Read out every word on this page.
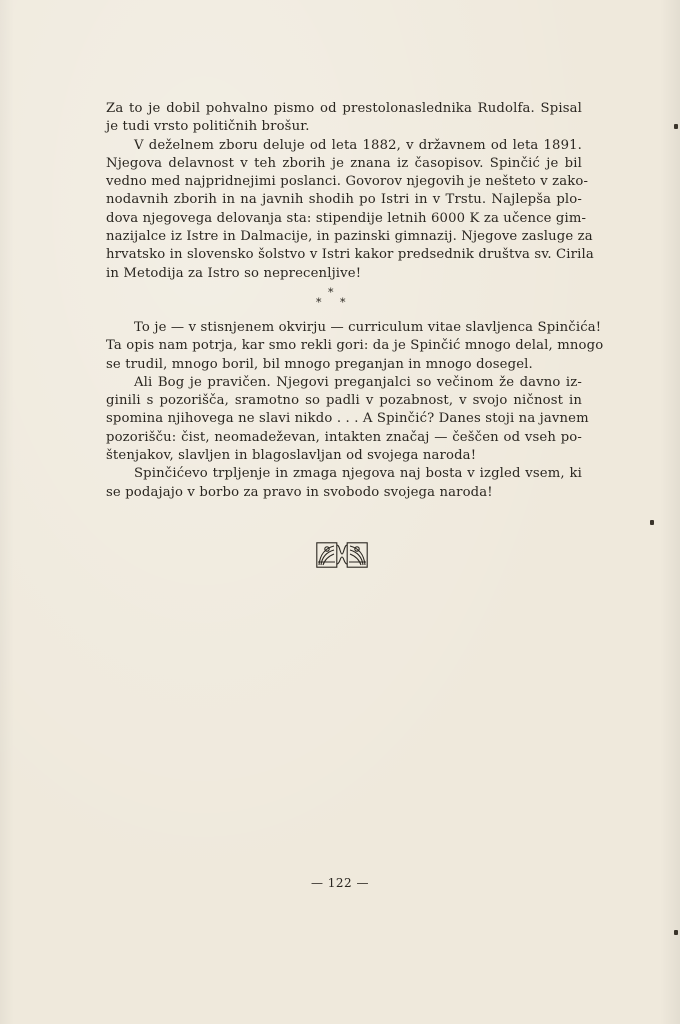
Za to je dobil pohvalno pismo od prestolonaslednika Rudolfa. Spisal
je tudi vrsto političnih brošur.
V deželnem zboru deluje od leta 1882, v državnem od leta 1891.
Njegova delavnost v teh zborih je znana iz časopisov. Spinčić je bil
vedno med najpridnejimi poslanci. Govorov njegovih je nešteto v zako-
nodavnih zborih in na javnih shodih po Istri in v Trstu. Najlepša plo-
dova njegovega delovanja sta: stipendije letnih 6000 K za učence gim-
nazijalce iz Istre in Dalmacije, in pazinski gimnazij. Njegove zasluge za
hrvatsko in slovensko šolstvo v Istri kakor predsednik društva sv. Cirila
in Metodija za Istro so neprecenljive!
*
* *
To je — v stisnjenem okvirju — curriculum vitae slavljenca Spinčića!
Ta opis nam potrja, kar smo rekli gori: da je Spinčić mnogo delal, mnogo
se trudil, mnogo boril, bil mnogo preganjan in mnogo dosegel.
Ali Bog je pravičen. Njegovi preganjalci so večinom že davno iz-
ginili s pozorišča, sramotno so padli v pozabnost, v svojo ničnost in
spomina njihovega ne slavi nikdo . . . A Spinčić? Danes stoji na javnem
pozorišču: čist, neomadeževan, intakten značaj — češčen od vseh po-
štenjakov, slavljen in blagoslavljan od svojega naroda!
Spinčićevo trpljenje in zmaga njegova naj bosta v izgled vsem, ki
se podajajo v borbo za pravo in svobodo svojega naroda!
— 122 —
